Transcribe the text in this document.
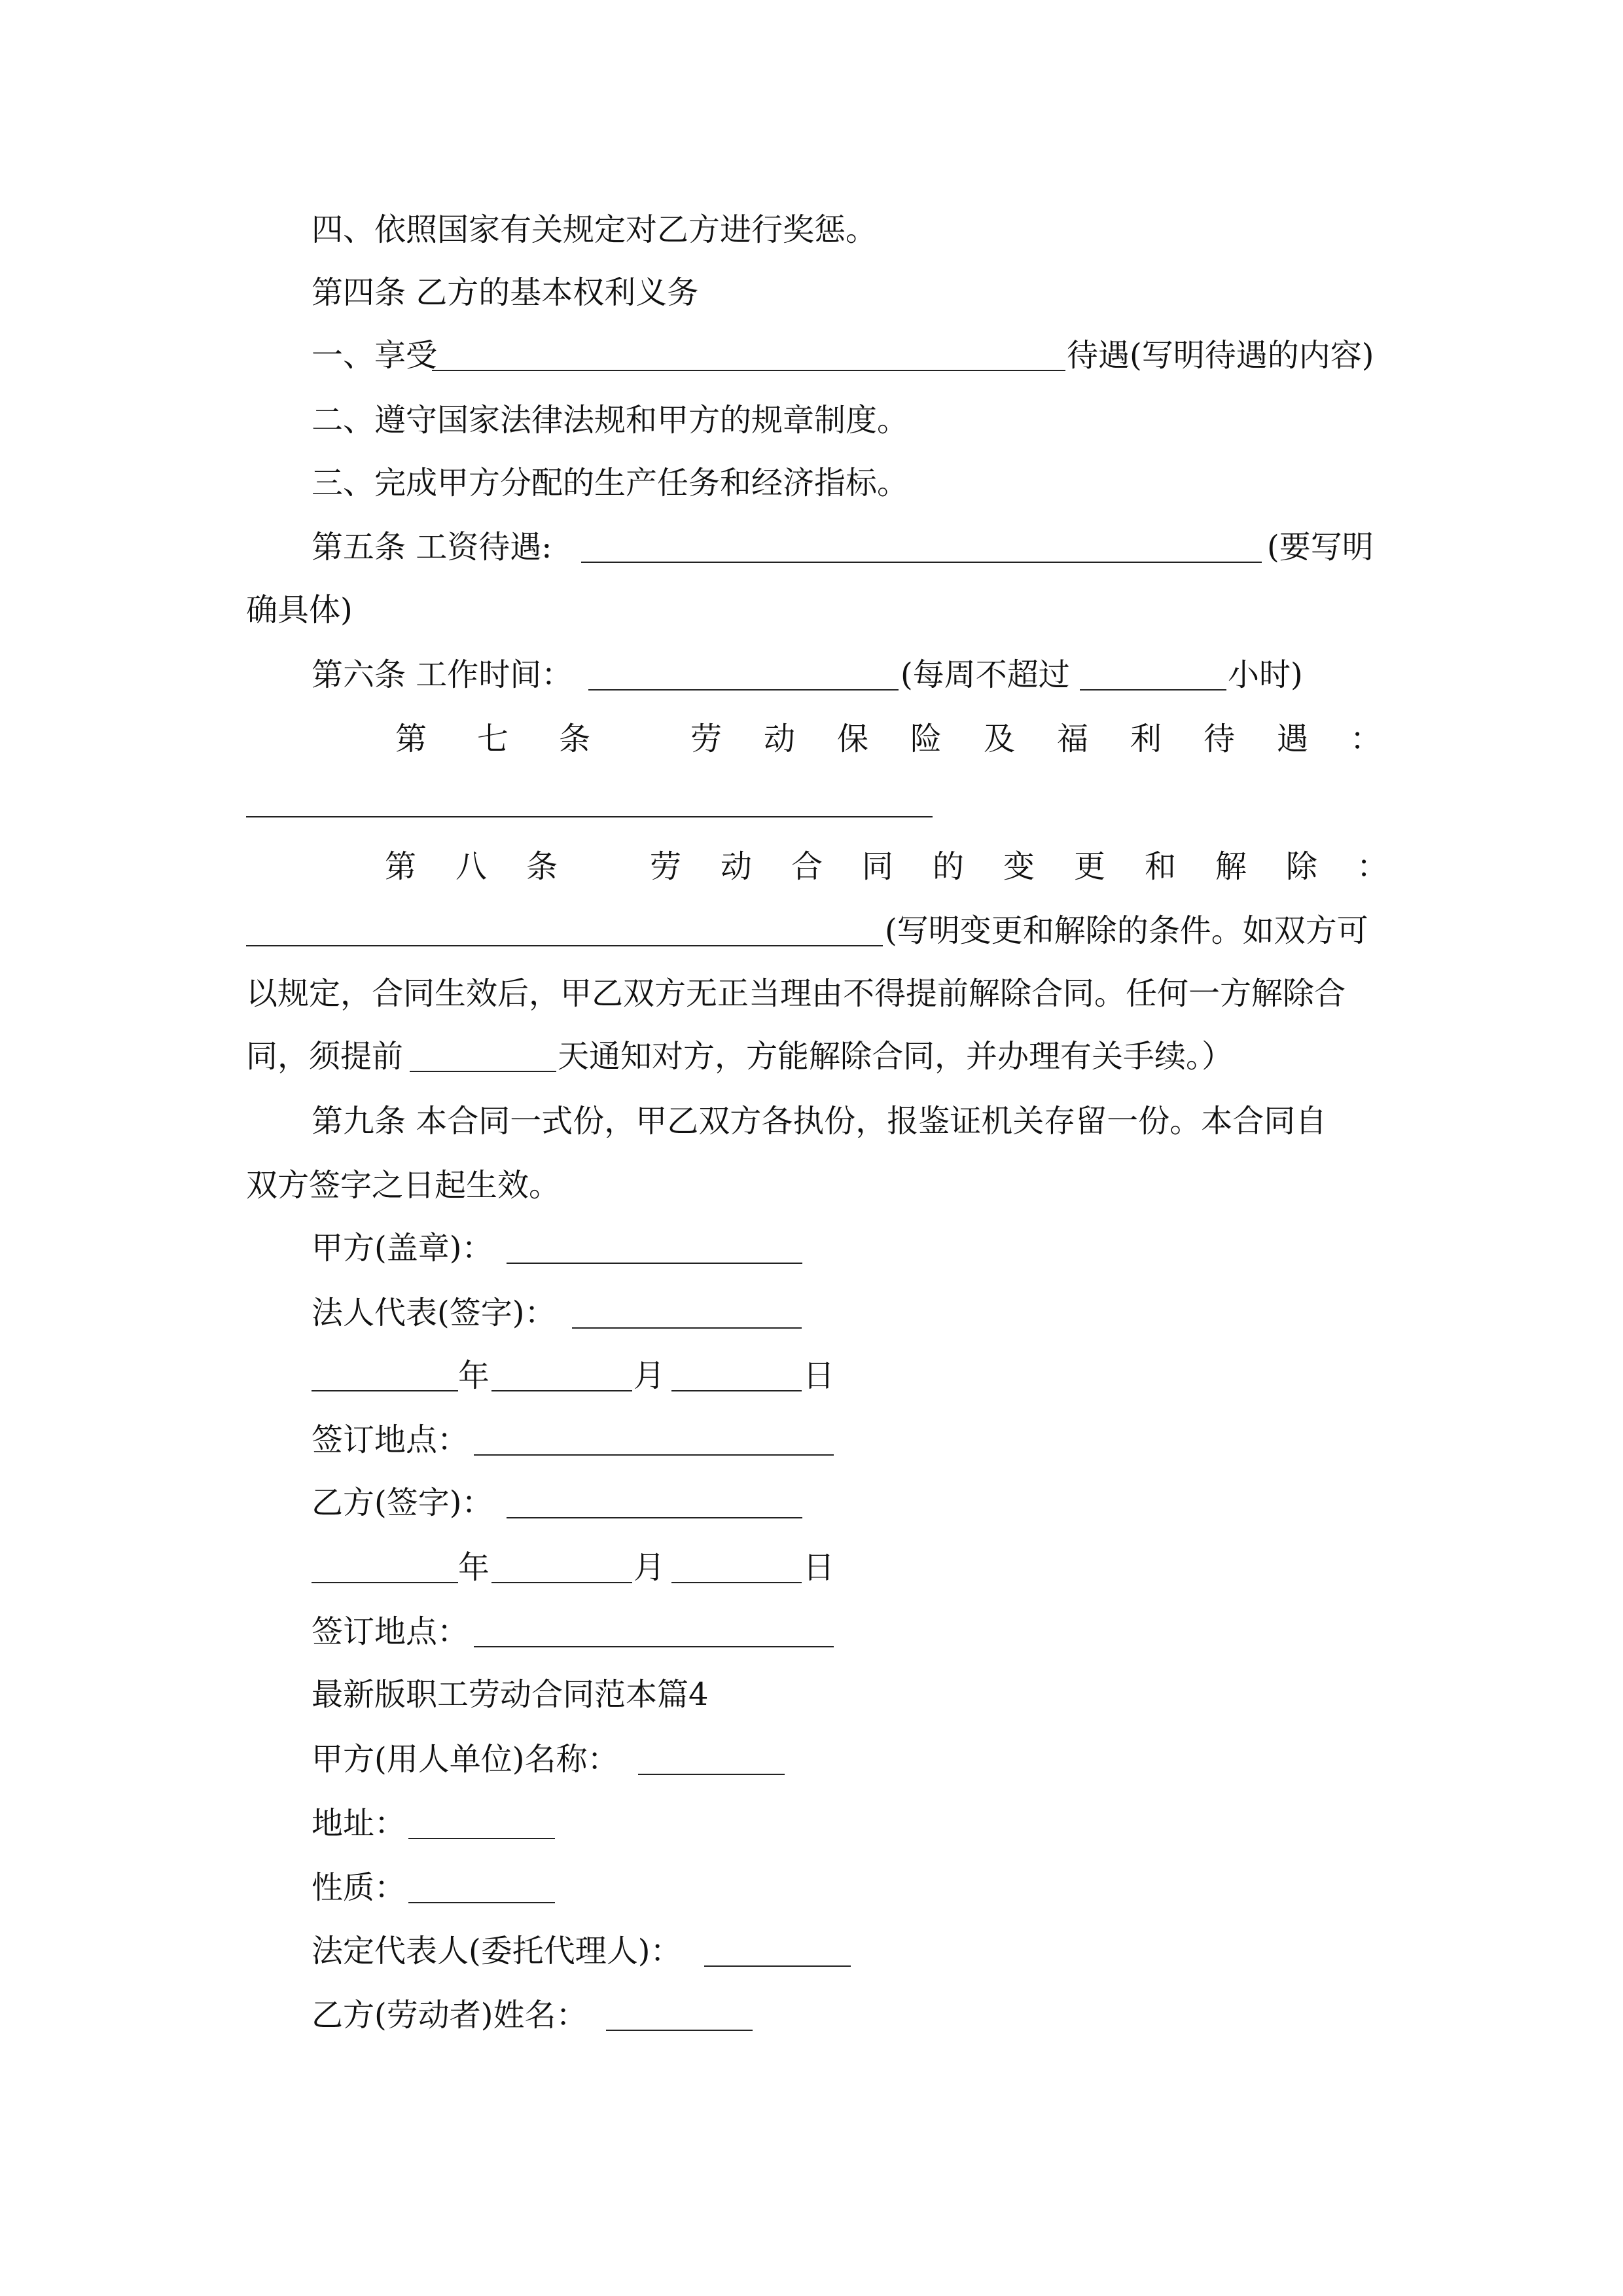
四、依照国家有关规定对乙方进行奖惩。
第四条 乙方的基本权利义务
一、享受	待遇(写明待遇的内容)
二、遵守国家法律法规和甲方的规章制度。
三、完成甲方分配的生产任务和经济指标。
第五条 工资待遇:	(要写明
确具体)
第六条 工作时间：	(每周不超过	小时)
第七条 劳动保险及福利待遇：
第八条 劳动合同的变更和解除：
(写明变更和解除的条件。如双方可
以规定，合同生效后，甲乙双方无正当理由不得提前解除合同。任何一方解除合
同，须提前	天通知对方，方能解除合同，并办理有关手续。）
第九条 本合同一式份，甲乙双方各执份，报鉴证机关存留一份。本合同自
双方签字之日起生效。
甲方(盖章)：
法人代表(签字)：
年	月	日
签订地点：
乙方(签字)：
年	月	日
签订地点：
最新版职工劳动合同范本篇4
甲方(用人单位)名称：
地址：
性质：
法定代表人(委托代理人)：
乙方(劳动者)姓名：
